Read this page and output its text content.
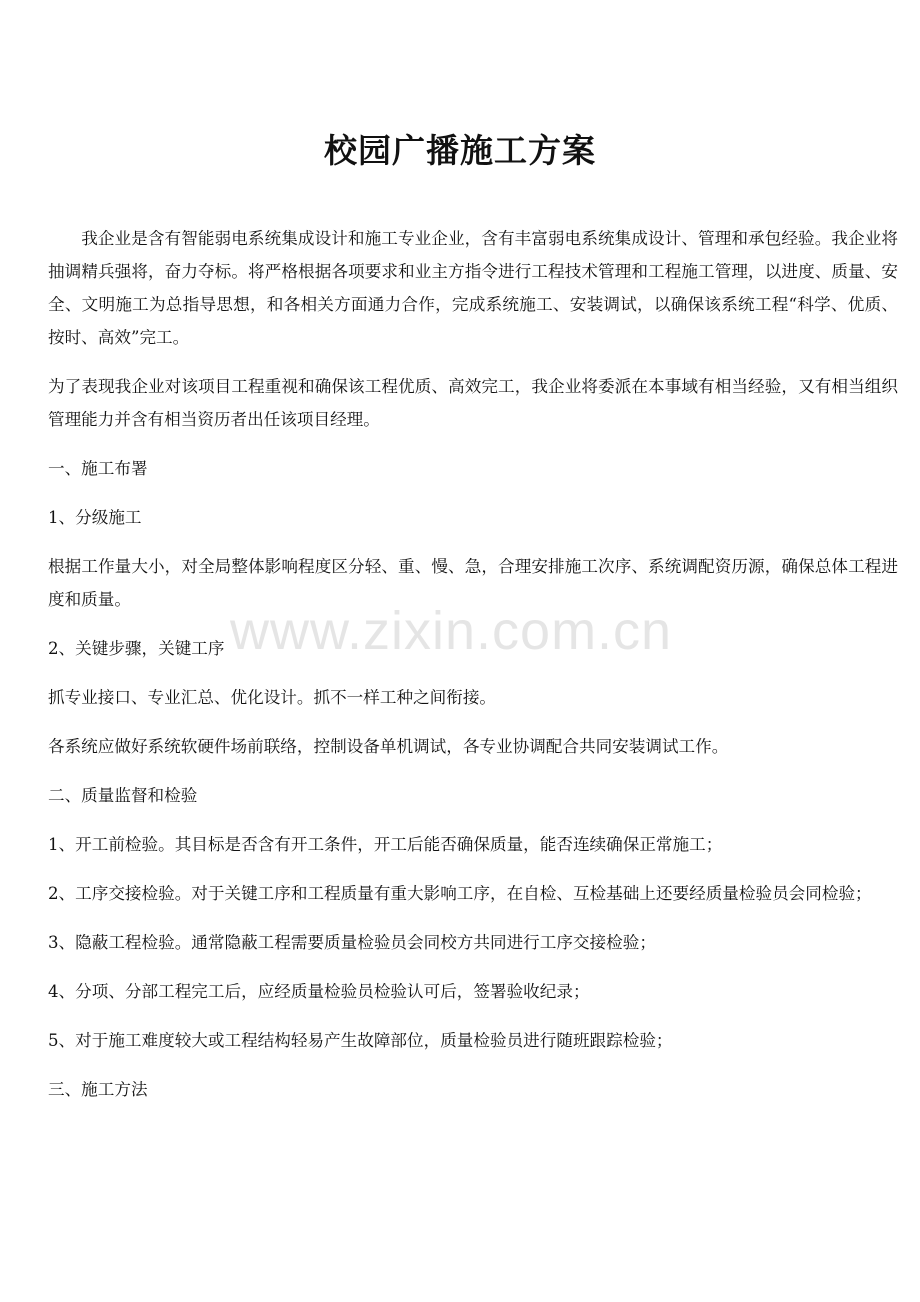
校园广播施工方案

我企业是含有智能弱电系统集成设计和施工专业企业，含有丰富弱电系统集成设计、管理和承包经验。我企业将抽调精兵强将，奋力夺标。将严格根据各项要求和业主方指令进行工程技术管理和工程施工管理，以进度、质量、安全、文明施工为总指导思想，和各相关方面通力合作，完成系统施工、安装调试，以确保该系统工程“科学、优质、按时、高效”完工。

为了表现我企业对该项目工程重视和确保该工程优质、高效完工，我企业将委派在本事域有相当经验，又有相当组织管理能力并含有相当资历者出任该项目经理。

一、施工布署

1、分级施工

根据工作量大小，对全局整体影响程度区分轻、重、慢、急，合理安排施工次序、系统调配资历源，确保总体工程进度和质量。

2、关键步骤，关键工序

抓专业接口、专业汇总、优化设计。抓不一样工种之间衔接。

各系统应做好系统软硬件场前联络，控制设备单机调试，各专业协调配合共同安装调试工作。

二、质量监督和检验

1、开工前检验。其目标是否含有开工条件，开工后能否确保质量，能否连续确保正常施工；

2、工序交接检验。对于关键工序和工程质量有重大影响工序，在自检、互检基础上还要经质量检验员会同检验；

3、隐蔽工程检验。通常隐蔽工程需要质量检验员会同校方共同进行工序交接检验；

4、分项、分部工程完工后，应经质量检验员检验认可后，签署验收纪录；

5、对于施工难度较大或工程结构轻易产生故障部位，质量检验员进行随班跟踪检验；

三、施工方法

www.zixin.com.cn
